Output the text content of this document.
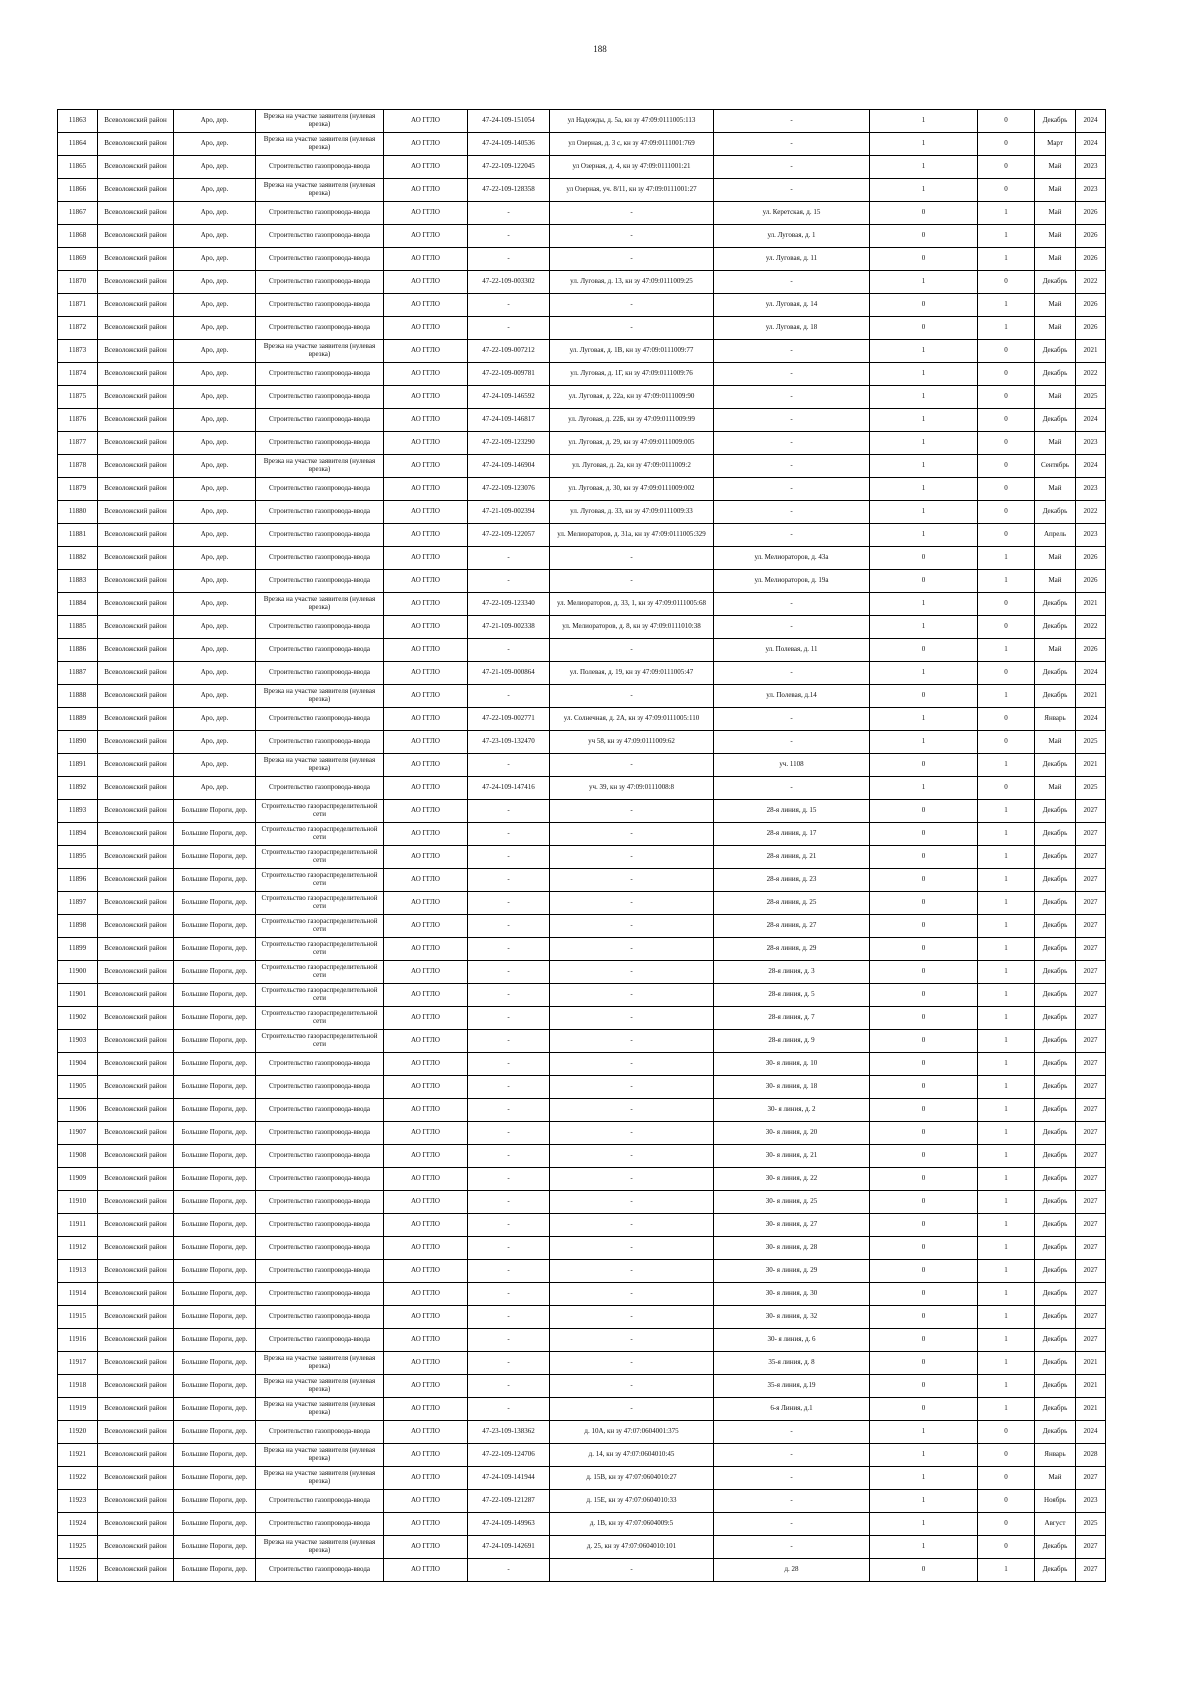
188
11863	Всеволожский район	Аро, дер.	Врезка на участке заявителя (нулевая врезка)	АО ГГЛО	47-24-109-151054	ул Надежды, д. 5а, кн зу 47:09:0111005:113	-	1	0	Декабрь	2024
11864	Всеволожский район	Аро, дер.	Врезка на участке заявителя (нулевая врезка)	АО ГГЛО	47-24-109-140536	ул Озерная, д. 3 с, кн зу 47:09:0111001:769	-	1	0	Март	2024
11865	Всеволожский район	Аро, дер.	Строительство газопровода-ввода	АО ГГЛО	47-22-109-122045	ул Озерная, д. 4, кн зу 47:09:0111001:21	-	1	0	Май	2023
11866	Всеволожский район	Аро, дер.	Врезка на участке заявителя (нулевая врезка)	АО ГГЛО	47-22-109-128358	ул Озерная, уч. 8/11, кн зу 47:09:0111001:27	-	1	0	Май	2023
11867	Всеволожский район	Аро, дер.	Строительство газопровода-ввода	АО ГГЛО	-	-	ул. Керетская, д. 15	0	1	Май	2026
11868	Всеволожский район	Аро, дер.	Строительство газопровода-ввода	АО ГГЛО	-	-	ул. Луговая, д. 1	0	1	Май	2026
11869	Всеволожский район	Аро, дер.	Строительство газопровода-ввода	АО ГГЛО	-	-	ул. Луговая, д. 11	0	1	Май	2026
11870	Всеволожский район	Аро, дер.	Строительство газопровода-ввода	АО ГГЛО	47-22-109-003302	ул. Луговая, д. 13, кн зу 47:09:0111009:25	-	1	0	Декабрь	2022
11871	Всеволожский район	Аро, дер.	Строительство газопровода-ввода	АО ГГЛО	-	-	ул. Луговая, д. 14	0	1	Май	2026
11872	Всеволожский район	Аро, дер.	Строительство газопровода-ввода	АО ГГЛО	-	-	ул. Луговая, д. 18	0	1	Май	2026
11873	Всеволожский район	Аро, дер.	Врезка на участке заявителя (нулевая врезка)	АО ГГЛО	47-22-109-007212	ул. Луговая, д. 1В, кн зу 47:09:0111009:77	-	1	0	Декабрь	2021
11874	Всеволожский район	Аро, дер.	Строительство газопровода-ввода	АО ГГЛО	47-22-109-009781	ул. Луговая, д. 1Г, кн зу 47:09:0111009:76	-	1	0	Декабрь	2022
11875	Всеволожский район	Аро, дер.	Строительство газопровода-ввода	АО ГГЛО	47-24-109-146592	ул. Луговая, д. 22а, кн зу 47:09:0111009:90	-	1	0	Май	2025
11876	Всеволожский район	Аро, дер.	Строительство газопровода-ввода	АО ГГЛО	47-24-109-146817	ул. Луговая, д. 22Б, кн зу 47:09:0111009:99	-	1	0	Декабрь	2024
11877	Всеволожский район	Аро, дер.	Строительство газопровода-ввода	АО ГГЛО	47-22-109-123290	ул. Луговая, д. 29, кн зу 47:09:0111009:005	-	1	0	Май	2023
11878	Всеволожский район	Аро, дер.	Врезка на участке заявителя (нулевая врезка)	АО ГГЛО	47-24-109-146904	ул. Луговая, д. 2а, кн зу 47:09:0111009:2	-	1	0	Сентябрь	2024
11879	Всеволожский район	Аро, дер.	Строительство газопровода-ввода	АО ГГЛО	47-22-109-123076	ул. Луговая, д. 30, кн зу 47:09:0111009:002	-	1	0	Май	2023
11880	Всеволожский район	Аро, дер.	Строительство газопровода-ввода	АО ГГЛО	47-21-109-002394	ул. Луговая, д. 33, кн зу 47:09:0111009:33	-	1	0	Декабрь	2022
11881	Всеволожский район	Аро, дер.	Строительство газопровода-ввода	АО ГГЛО	47-22-109-122057	ул. Мелиораторов, д. 31а, кн зу 47:09:0111005:329	-	1	0	Апрель	2023
11882	Всеволожский район	Аро, дер.	Строительство газопровода-ввода	АО ГГЛО	-	-	ул. Мелиораторов, д. 43а	0	1	Май	2026
11883	Всеволожский район	Аро, дер.	Строительство газопровода-ввода	АО ГГЛО	-	-	ул. Мелиораторов, д. 19а	0	1	Май	2026
11884	Всеволожский район	Аро, дер.	Врезка на участке заявителя (нулевая врезка)	АО ГГЛО	47-22-109-123340	ул. Мелиораторов, д. 33, 1, кн зу 47:09:0111005:68	-	1	0	Декабрь	2021
11885	Всеволожский район	Аро, дер.	Строительство газопровода-ввода	АО ГГЛО	47-21-109-002338	ул. Мелиораторов, д. 8, кн зу 47:09:0111010:38	-	1	0	Декабрь	2022
11886	Всеволожский район	Аро, дер.	Строительство газопровода-ввода	АО ГГЛО	-	-	ул. Полевая, д. 11	0	1	Май	2026
11887	Всеволожский район	Аро, дер.	Строительство газопровода-ввода	АО ГГЛО	47-21-109-000864	ул. Полевая, д. 19, кн зу 47:09:0111005:47	-	1	0	Декабрь	2024
11888	Всеволожский район	Аро, дер.	Врезка на участке заявителя (нулевая врезка)	АО ГГЛО	-	-	ул. Полевая, д.14	0	1	Декабрь	2021
11889	Всеволожский район	Аро, дер.	Строительство газопровода-ввода	АО ГГЛО	47-22-109-002771	ул. Солнечная, д. 2А, кн зу 47:09:0111005:110	-	1	0	Январь	2024
11890	Всеволожский район	Аро, дер.	Строительство газопровода-ввода	АО ГГЛО	47-23-109-132470	уч 58, кн зу 47:09:0111009:62	-	1	0	Май	2025
11891	Всеволожский район	Аро, дер.	Врезка на участке заявителя (нулевая врезка)	АО ГГЛО	-	-	уч. 1108	0	1	Декабрь	2021
11892	Всеволожский район	Аро, дер.	Строительство газопровода-ввода	АО ГГЛО	47-24-109-147416	уч. 39, кн зу 47:09:0111008:8	-	1	0	Май	2025
11893	Всеволожский район	Большие Пороги, дер.	Строительство газораспределительной сети	АО ГГЛО	-	-	28-я линия, д. 15	0	1	Декабрь	2027
11894	Всеволожский район	Большие Пороги, дер.	Строительство газораспределительной сети	АО ГГЛО	-	-	28-я линия, д. 17	0	1	Декабрь	2027
11895	Всеволожский район	Большие Пороги, дер.	Строительство газораспределительной сети	АО ГГЛО	-	-	28-я линия, д. 21	0	1	Декабрь	2027
11896	Всеволожский район	Большие Пороги, дер.	Строительство газораспределительной сети	АО ГГЛО	-	-	28-я линия, д. 23	0	1	Декабрь	2027
11897	Всеволожский район	Большие Пороги, дер.	Строительство газораспределительной сети	АО ГГЛО	-	-	28-я линия, д. 25	0	1	Декабрь	2027
11898	Всеволожский район	Большие Пороги, дер.	Строительство газораспределительной сети	АО ГГЛО	-	-	28-я линия, д. 27	0	1	Декабрь	2027
11899	Всеволожский район	Большие Пороги, дер.	Строительство газораспределительной сети	АО ГГЛО	-	-	28-я линия, д. 29	0	1	Декабрь	2027
11900	Всеволожский район	Большие Пороги, дер.	Строительство газораспределительной сети	АО ГГЛО	-	-	28-я линия, д. 3	0	1	Декабрь	2027
11901	Всеволожский район	Большие Пороги, дер.	Строительство газораспределительной сети	АО ГГЛО	-	-	28-я линия, д. 5	0	1	Декабрь	2027
11902	Всеволожский район	Большие Пороги, дер.	Строительство газораспределительной сети	АО ГГЛО	-	-	28-я линия, д. 7	0	1	Декабрь	2027
11903	Всеволожский район	Большие Пороги, дер.	Строительство газораспределительной сети	АО ГГЛО	-	-	28-я линия, д. 9	0	1	Декабрь	2027
11904	Всеволожский район	Большие Пороги, дер.	Строительство газопровода-ввода	АО ГГЛО	-	-	30- я линия, д. 10	0	1	Декабрь	2027
11905	Всеволожский район	Большие Пороги, дер.	Строительство газопровода-ввода	АО ГГЛО	-	-	30- я линия, д. 18	0	1	Декабрь	2027
11906	Всеволожский район	Большие Пороги, дер.	Строительство газопровода-ввода	АО ГГЛО	-	-	30- я линия, д. 2	0	1	Декабрь	2027
11907	Всеволожский район	Большие Пороги, дер.	Строительство газопровода-ввода	АО ГГЛО	-	-	30- я линия, д. 20	0	1	Декабрь	2027
11908	Всеволожский район	Большие Пороги, дер.	Строительство газопровода-ввода	АО ГГЛО	-	-	30- я линия, д. 21	0	1	Декабрь	2027
11909	Всеволожский район	Большие Пороги, дер.	Строительство газопровода-ввода	АО ГГЛО	-	-	30- я линия, д. 22	0	1	Декабрь	2027
11910	Всеволожский район	Большие Пороги, дер.	Строительство газопровода-ввода	АО ГГЛО	-	-	30- я линия, д. 25	0	1	Декабрь	2027
11911	Всеволожский район	Большие Пороги, дер.	Строительство газопровода-ввода	АО ГГЛО	-	-	30- я линия, д. 27	0	1	Декабрь	2027
11912	Всеволожский район	Большие Пороги, дер.	Строительство газопровода-ввода	АО ГГЛО	-	-	30- я линия, д. 28	0	1	Декабрь	2027
11913	Всеволожский район	Большие Пороги, дер.	Строительство газопровода-ввода	АО ГГЛО	-	-	30- я линия, д. 29	0	1	Декабрь	2027
11914	Всеволожский район	Большие Пороги, дер.	Строительство газопровода-ввода	АО ГГЛО	-	-	30- я линия, д. 30	0	1	Декабрь	2027
11915	Всеволожский район	Большие Пороги, дер.	Строительство газопровода-ввода	АО ГГЛО	-	-	30- я линия, д. 32	0	1	Декабрь	2027
11916	Всеволожский район	Большие Пороги, дер.	Строительство газопровода-ввода	АО ГГЛО	-	-	30- я линия, д. 6	0	1	Декабрь	2027
11917	Всеволожский район	Большие Пороги, дер.	Врезка на участке заявителя (нулевая врезка)	АО ГГЛО	-	-	35-я линия, д. 8	0	1	Декабрь	2021
11918	Всеволожский район	Большие Пороги, дер.	Врезка на участке заявителя (нулевая врезка)	АО ГГЛО	-	-	35-я линия, д.19	0	1	Декабрь	2021
11919	Всеволожский район	Большие Пороги, дер.	Врезка на участке заявителя (нулевая врезка)	АО ГГЛО	-	-	6-я Линия, д.1	0	1	Декабрь	2021
11920	Всеволожский район	Большие Пороги, дер.	Строительство газопровода-ввода	АО ГГЛО	47-23-109-138362	д. 10А, кн зу 47:07:0604001:375	-	1	0	Декабрь	2024
11921	Всеволожский район	Большие Пороги, дер.	Врезка на участке заявителя (нулевая врезка)	АО ГГЛО	47-22-109-124706	д. 14, кн зу 47:07:0604010:45	-	1	0	Январь	2028
11922	Всеволожский район	Большие Пороги, дер.	Врезка на участке заявителя (нулевая врезка)	АО ГГЛО	47-24-109-141944	д. 15В, кн зу 47:07:0604010:27	-	1	0	Май	2027
11923	Всеволожский район	Большие Пороги, дер.	Строительство газопровода-ввода	АО ГГЛО	47-22-109-121287	д. 15Е, кн зу 47:07:0604010:33	-	1	0	Ноябрь	2023
11924	Всеволожский район	Большие Пороги, дер.	Строительство газопровода-ввода	АО ГГЛО	47-24-109-149963	д. 1В, кн зу 47:07:0604009:5	-	1	0	Август	2025
11925	Всеволожский район	Большие Пороги, дер.	Врезка на участке заявителя (нулевая врезка)	АО ГГЛО	47-24-109-142691	д. 25, кн зу 47:07:0604010:101	-	1	0	Декабрь	2027
11926	Всеволожский район	Большие Пороги, дер.	Строительство газопровода-ввода	АО ГГЛО	-	-	д. 28	0	1	Декабрь	2027
